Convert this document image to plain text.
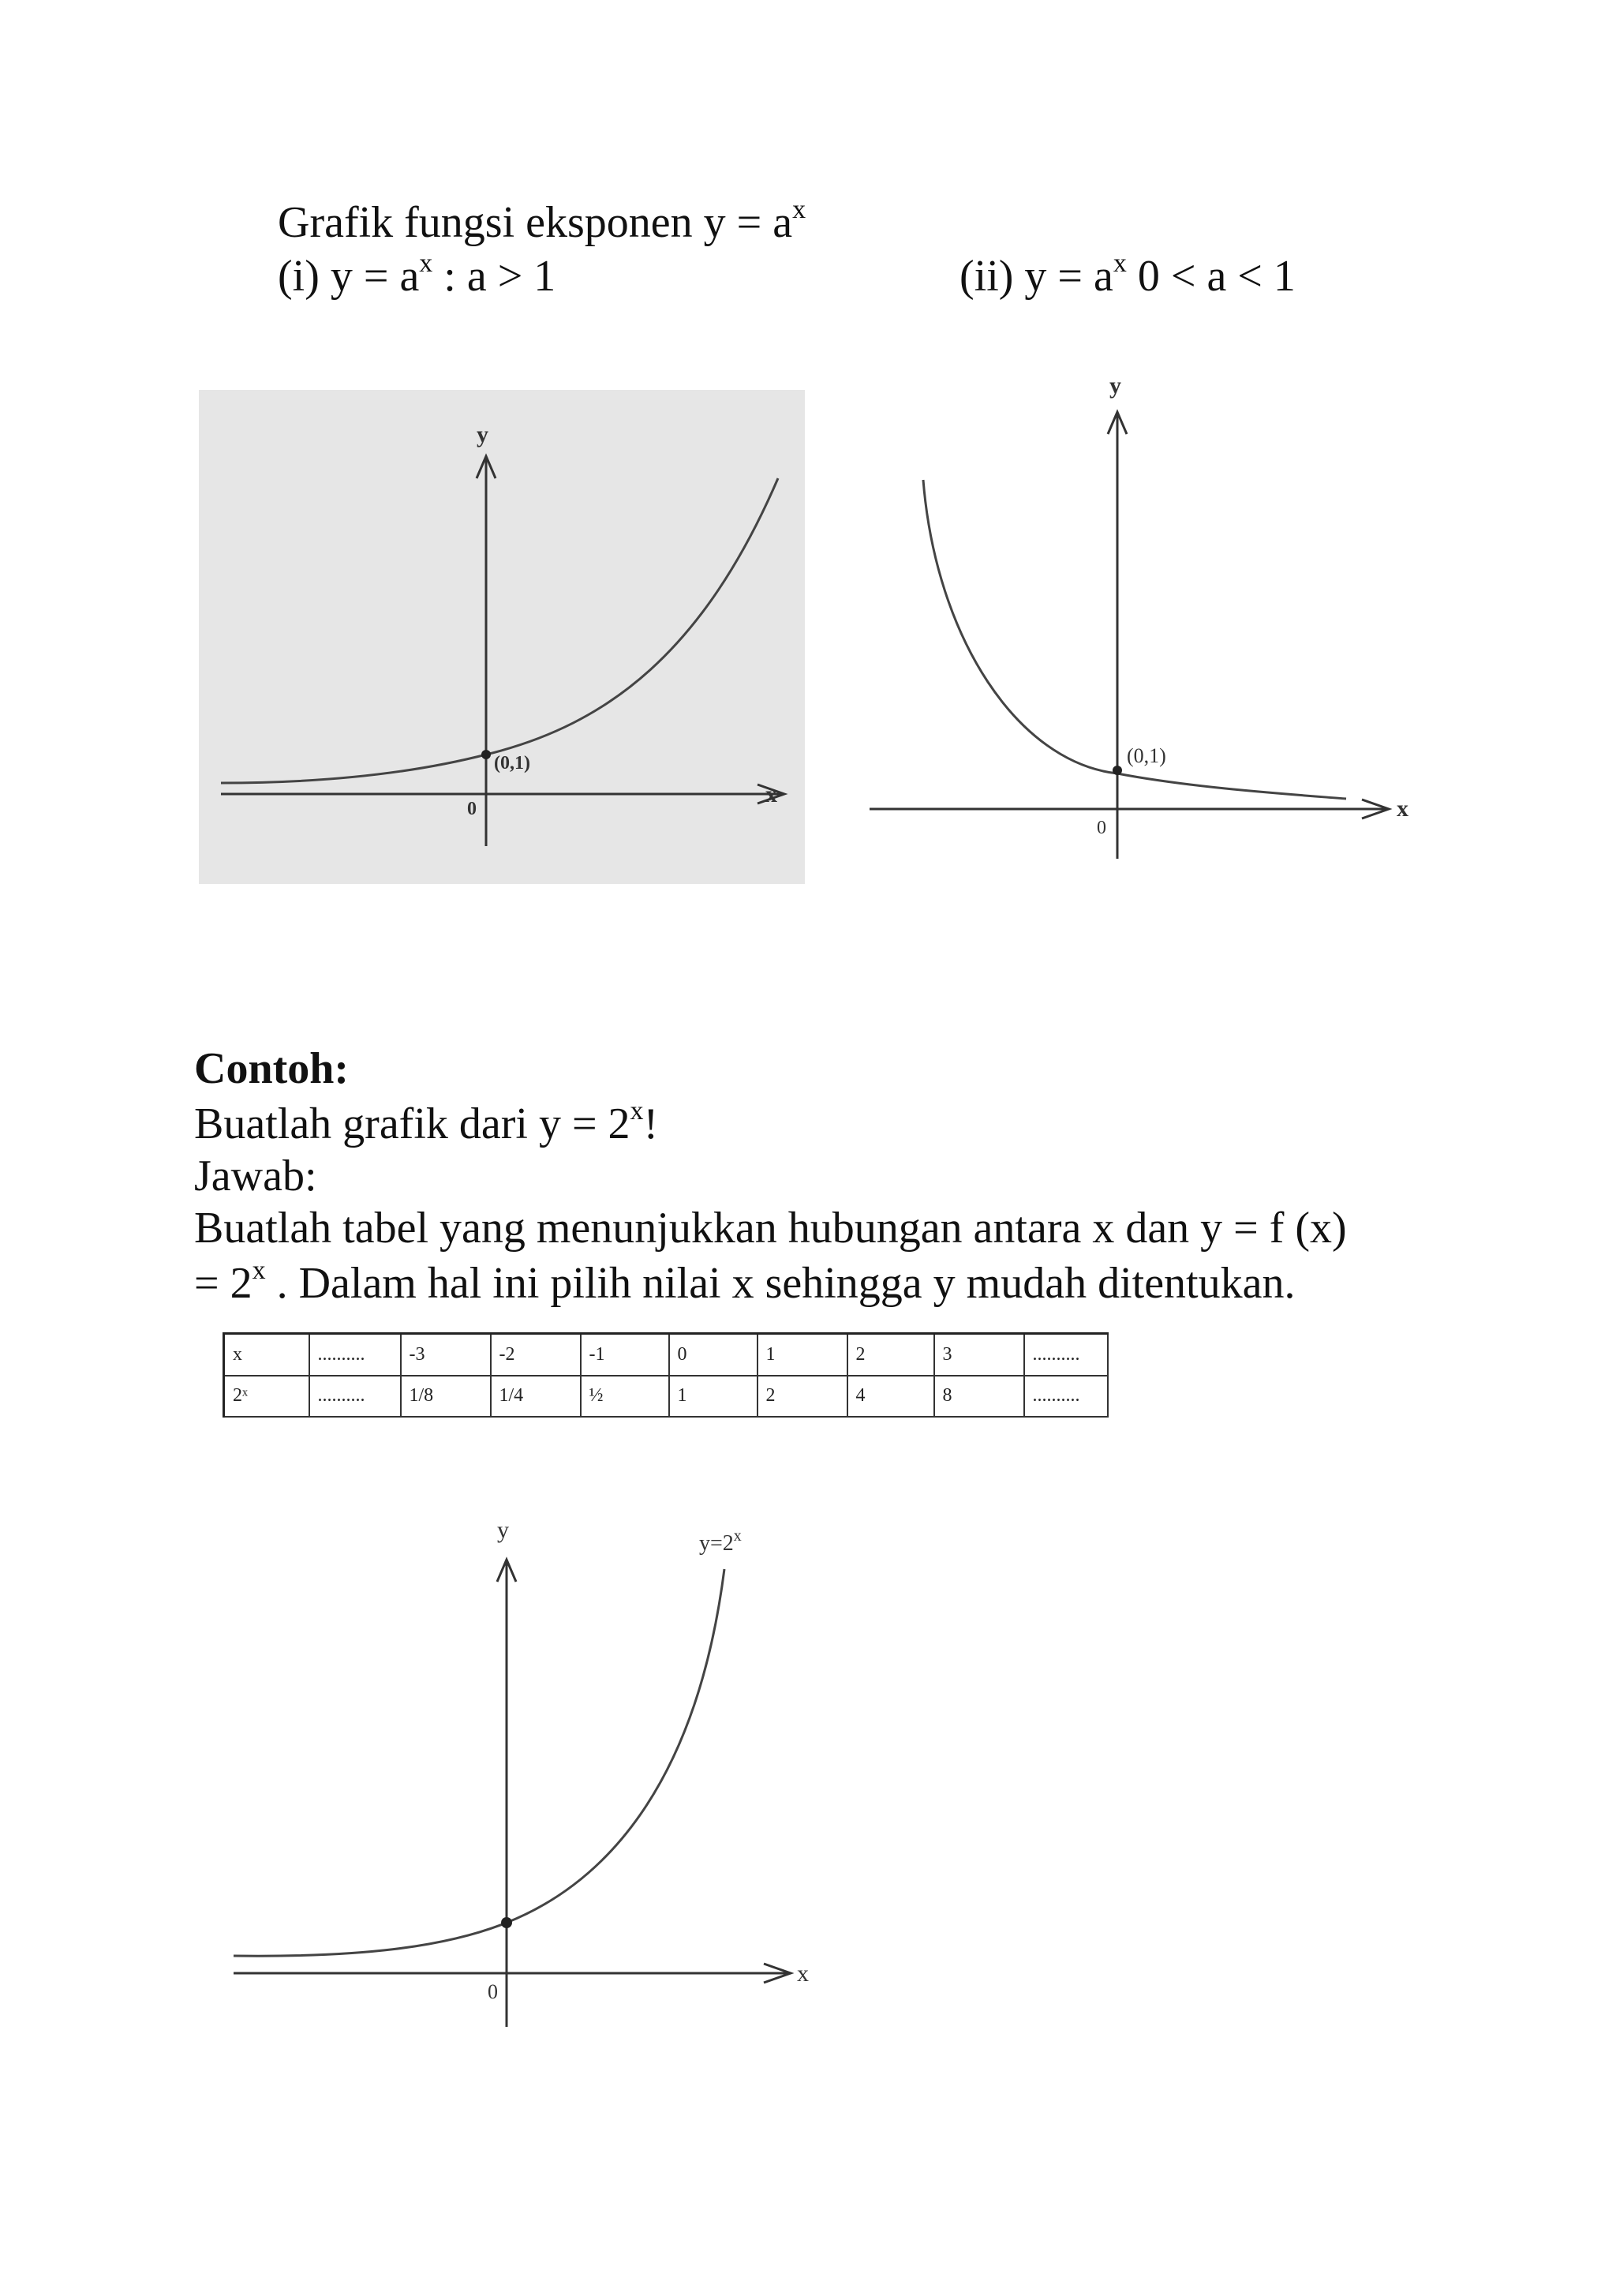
Grafik fungsi eksponen $y = a^x$
(i) $y = a^x$ : a > 1	(ii) $y = a^x$ 0 < a < 1
y
x
0
(0,1)
y
x
0
(0,1)
Contoh:
Buatlah grafik dari $y = 2^x$!
Jawab:
Buatlah tabel yang menunjukkan hubungan antara x dan y = f (x)
= $2^x$ . Dalam hal ini pilih nilai x sehingga y mudah ditentukan.
x	..........	-3	-2	-1	0	1	2	3	..........
2ˣ	..........	1/8	1/4	½	1	2	4	8	..........
y
x
0
$y=2^x$
